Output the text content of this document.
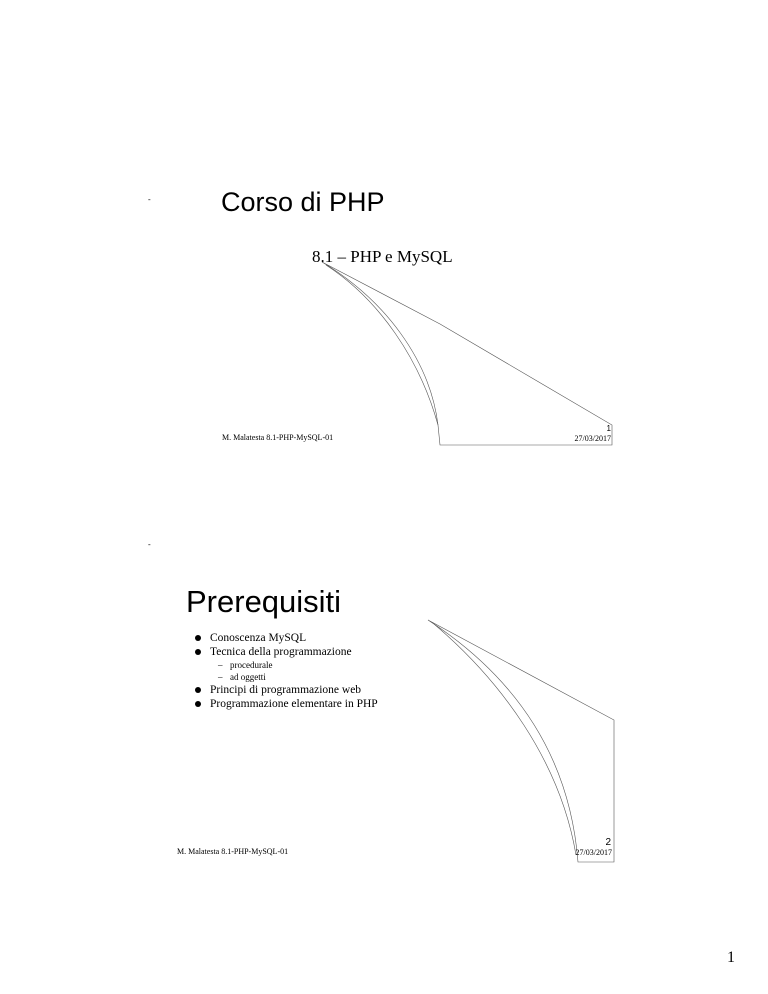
-	Corso di PHP
8.1 – PHP e MySQL
M. Malatesta 8.1-PHP-MySQL-01
1
27/03/2017
-
Prerequisiti
Conoscenza MySQL
Tecnica della programmazione
– procedurale
– ad oggetti
Principi di programmazione web
Programmazione elementare in PHP
M. Malatesta 8.1-PHP-MySQL-01
2
27/03/2017
1
